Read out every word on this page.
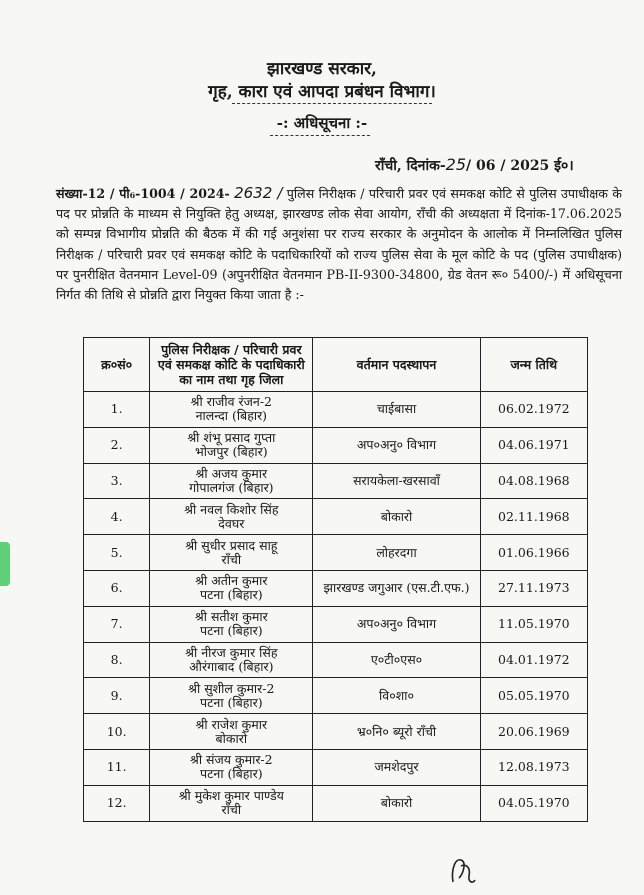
झारखण्ड सरकार,
गृह, कारा एवं आपदा प्रबंधन विभाग।
-: अधिसूचना :-
राँची, दिनांक-25/ 06 / 2025 ई०।
संख्या-12 / पी₆-1004 / 2024- 2632 / पुलिस निरीक्षक / परिचारी प्रवर एवं समकक्ष कोटि से पुलिस उपाधीक्षक के पद पर प्रोन्नति के माध्यम से नियुक्ति हेतु अध्यक्ष, झारखण्ड लोक सेवा आयोग, राँची की अध्यक्षता में दिनांक-17.06.2025 को सम्पन्न विभागीय प्रोन्नति की बैठक में की गई अनुशंसा पर राज्य सरकार के अनुमोदन के आलोक में निम्नलिखित पुलिस निरीक्षक / परिचारी प्रवर एवं समकक्ष कोटि के पदाधिकारियों को राज्य पुलिस सेवा के मूल कोटि के पद (पुलिस उपाधीक्षक) पर पुनरीक्षित वेतनमान Level-09 (अपुनरीक्षित वेतनमान PB-II-9300-34800, ग्रेड वेतन रू० 5400/-) में अधिसूचना निर्गत की तिथि से प्रोन्नति द्वारा नियुक्त किया जाता है :-
क्र०सं०	पुलिस निरीक्षक / परिचारी प्रवर एवं समकक्ष कोटि के पदाधिकारी का नाम तथा गृह जिला	वर्तमान पदस्थापन	जन्म तिथि
1.	श्री राजीव रंजन-2
नालन्दा (बिहार)	चाईबासा	06.02.1972
2.	श्री शंभू प्रसाद गुप्ता
भोजपुर (बिहार)	अप०अनु० विभाग	04.06.1971
3.	श्री अजय कुमार
गोपालगंज (बिहार)	सरायकेला-खरसावाँ	04.08.1968
4.	श्री नवल किशोर सिंह
देवघर	बोकारो	02.11.1968
5.	श्री सुधीर प्रसाद साहू
राँची	लोहरदगा	01.06.1966
6.	श्री अतीन कुमार
पटना (बिहार)	झारखण्ड जगुआर (एस.टी.एफ.)	27.11.1973
7.	श्री सतीश कुमार
पटना (बिहार)	अप०अनु० विभाग	11.05.1970
8.	श्री नीरज कुमार सिंह
औरंगाबाद (बिहार)	ए०टी०एस०	04.01.1972
9.	श्री सुशील कुमार-2
पटना (बिहार)	वि०शा०	05.05.1970
10.	श्री राजेश कुमार
बोकारो	भ्र०नि० ब्यूरो राँची	20.06.1969
11.	श्री संजय कुमार-2
पटना (बिहार)	जमशेदपुर	12.08.1973
12.	श्री मुकेश कुमार पाण्डेय
राँची	बोकारो	04.05.1970
